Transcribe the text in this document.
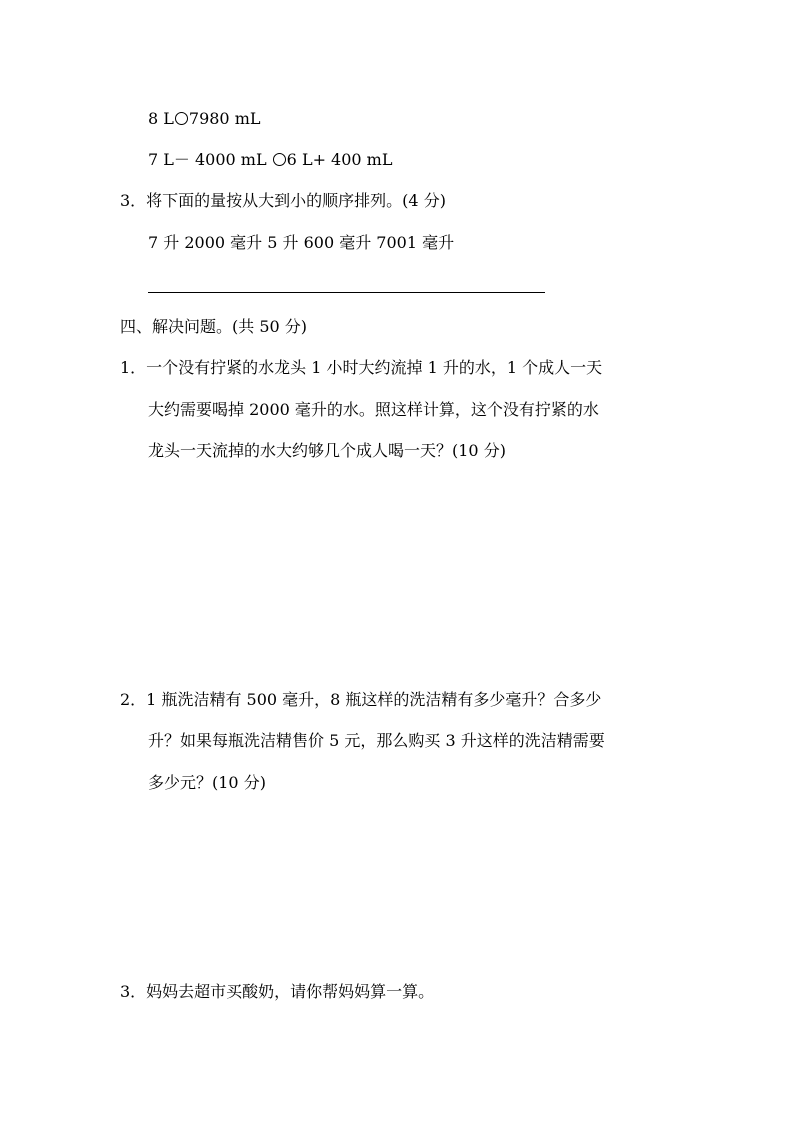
8 L 7980 mL
7 L－ 4000 mL 6 L+ 400 mL
3．将下面的量按从大到小的顺序排列。(4 分)
7 升 2000 毫升 5 升 600 毫升 7001 毫升
四、解决问题。(共 50 分)
1．一个没有拧紧的水龙头 1 小时大约流掉 1 升的水，1 个成人一天
大约需要喝掉 2000 毫升的水。照这样计算，这个没有拧紧的水
龙头一天流掉的水大约够几个成人喝一天？(10 分)
2．1 瓶洗洁精有 500 毫升，8 瓶这样的洗洁精有多少毫升？合多少
升？如果每瓶洗洁精售价 5 元，那么购买 3 升这样的洗洁精需要
多少元？(10 分)
3．妈妈去超市买酸奶，请你帮妈妈算一算。
